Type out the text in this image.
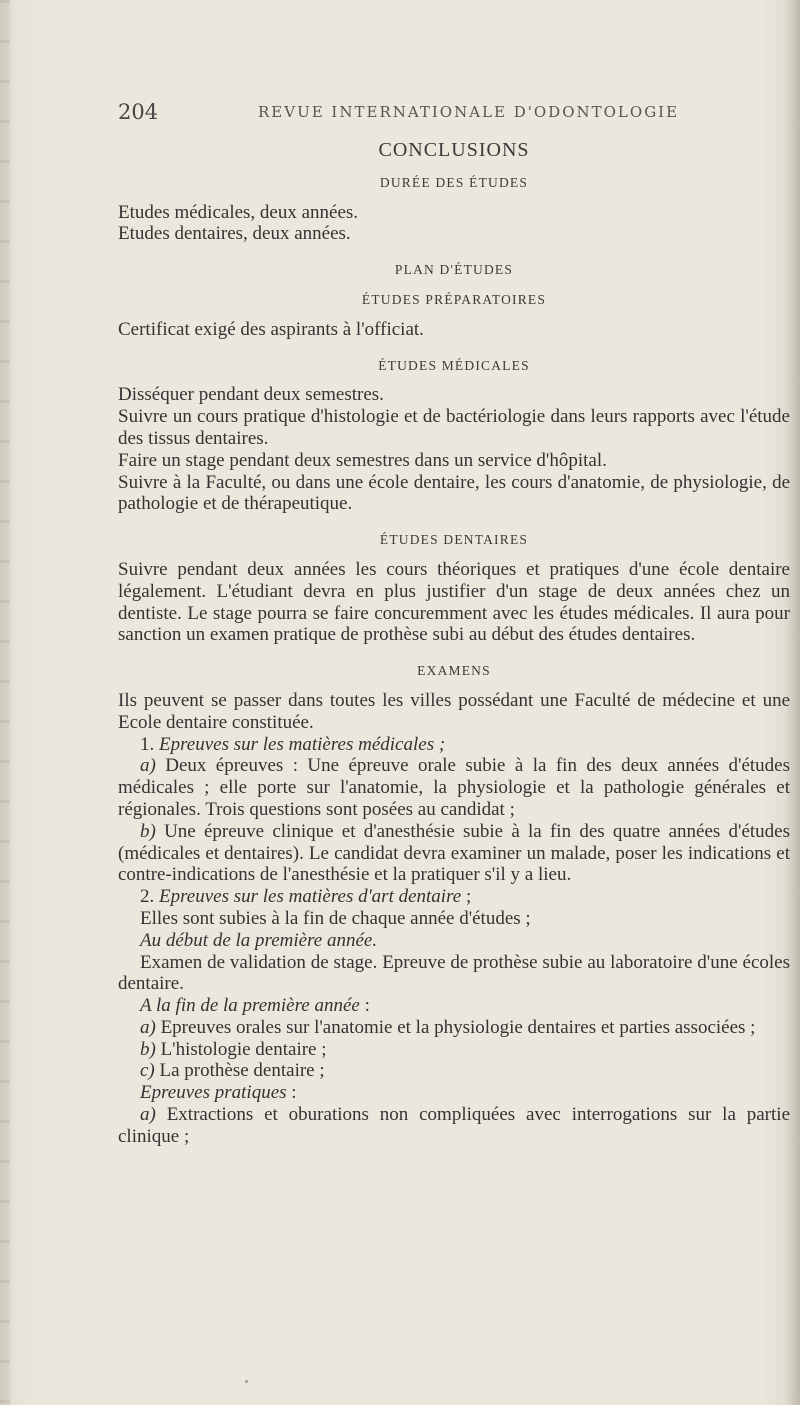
204	REVUE INTERNATIONALE D'ODONTOLOGIE
CONCLUSIONS
DURÉE DES ÉTUDES

Etudes médicales, deux années.

Etudes dentaires, deux années.

PLAN D'ÉTUDES
ÉTUDES PRÉPARATOIRES

Certificat exigé des aspirants à l'officiat.

ÉTUDES MÉDICALES

Disséquer pendant deux semestres.

Suivre un cours pratique d'histologie et de bactériologie dans leurs rapports avec l'étude des tissus dentaires.

Faire un stage pendant deux semestres dans un service d'hôpital.

Suivre à la Faculté, ou dans une école dentaire, les cours d'anatomie, de physiologie, de pathologie et de thérapeutique.

ÉTUDES DENTAIRES

Suivre pendant deux années les cours théoriques et pratiques d'une école dentaire légalement. L'étudiant devra en plus justifier d'un stage de deux années chez un dentiste. Le stage pourra se faire concuremment avec les études médicales. Il aura pour sanction un examen pratique de prothèse subi au début des études dentaires.

EXAMENS

Ils peuvent se passer dans toutes les villes possédant une Faculté de médecine et une Ecole dentaire constituée.

1. Epreuves sur les matières médicales ;

a) Deux épreuves : Une épreuve orale subie à la fin des deux années d'études médicales ; elle porte sur l'anatomie, la physiologie et la pathologie générales et régionales. Trois questions sont posées au candidat ;

b) Une épreuve clinique et d'anesthésie subie à la fin des quatre années d'études (médicales et dentaires). Le candidat devra examiner un malade, poser les indications et contre-indications de l'anesthésie et la pratiquer s'il y a lieu.

2. Epreuves sur les matières d'art dentaire ;

Elles sont subies à la fin de chaque année d'études ;

Au début de la première année.

Examen de validation de stage. Epreuve de prothèse subie au laboratoire d'une écoles dentaire.

A la fin de la première année :

a) Epreuves orales sur l'anatomie et la physiologie dentaires et parties associées ;

b) L'histologie dentaire ;

c) La prothèse dentaire ;

Epreuves pratiques :

a) Extractions et oburations non compliquées avec interrogations sur la partie clinique ;
